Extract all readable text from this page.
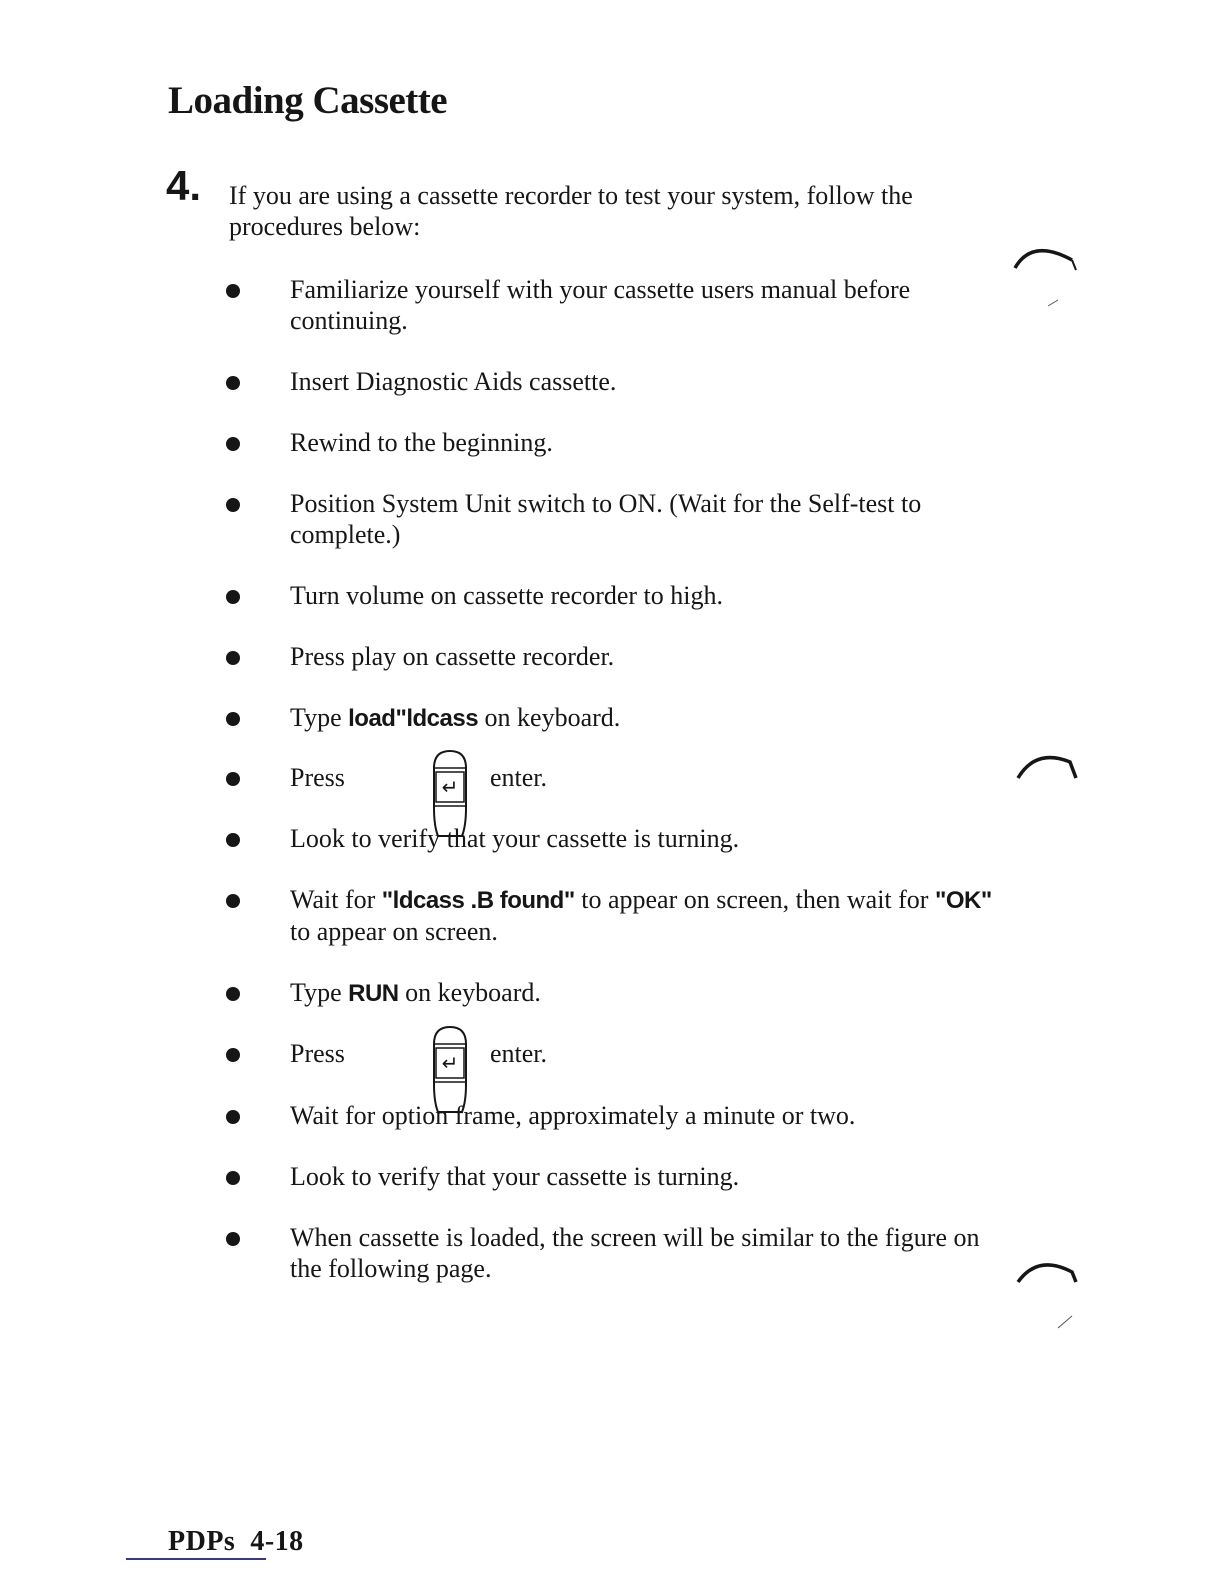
Loading Cassette
4. If you are using a cassette recorder to test your system, follow the procedures below:
Familiarize yourself with your cassette users manual before continuing.
Insert Diagnostic Aids cassette.
Rewind to the beginning.
Position System Unit switch to ON. (Wait for the Self-test to complete.)
Turn volume on cassette recorder to high.
Press play on cassette recorder.
Type load"ldcass on keyboard.
Press	↵ enter.
Look to verify that your cassette is turning.
Wait for "ldcass .B found" to appear on screen, then wait for "OK" to appear on screen.
Type RUN on keyboard.
Press	↵ enter.
Wait for option frame, approximately a minute or two.
Look to verify that your cassette is turning.
When cassette is loaded, the screen will be similar to the figure on the following page.
PDPs 4-18
